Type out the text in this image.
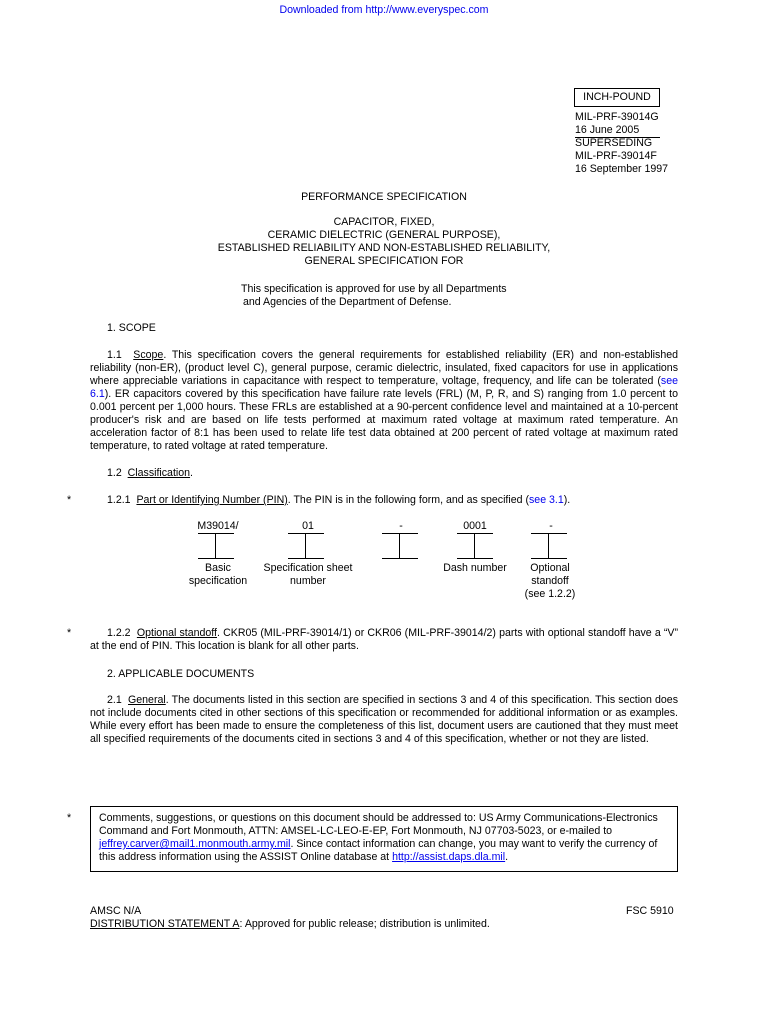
Downloaded from http://www.everyspec.com
INCH-POUND
MIL-PRF-39014G
16 June 2005
SUPERSEDING
MIL-PRF-39014F
16 September 1997
PERFORMANCE SPECIFICATION
CAPACITOR, FIXED,
CERAMIC DIELECTRIC (GENERAL PURPOSE),
ESTABLISHED RELIABILITY AND NON-ESTABLISHED RELIABILITY,
GENERAL SPECIFICATION FOR
This specification is approved for use by all Departments
and Agencies of the Department of Defense.
1. SCOPE
1.1 Scope. This specification covers the general requirements for established reliability (ER) and non-established reliability (non-ER), (product level C), general purpose, ceramic dielectric, insulated, fixed capacitors for use in applications where appreciable variations in capacitance with respect to temperature, voltage, frequency, and life can be tolerated (see 6.1). ER capacitors covered by this specification have failure rate levels (FRL) (M, P, R, and S) ranging from 1.0 percent to 0.001 percent per 1,000 hours. These FRLs are established at a 90-percent confidence level and maintained at a 10-percent producer's risk and are based on life tests performed at maximum rated voltage at maximum rated temperature. An acceleration factor of 8:1 has been used to relate life test data obtained at 200 percent of rated voltage at maximum rated temperature, to rated voltage at rated temperature.
1.2 Classification.
*	1.2.1 Part or Identifying Number (PIN). The PIN is in the following form, and as specified (see 3.1).
M39014/
Basic
specification
01
Specification sheet
number
-	0001
Dash number
-
Optional
standoff
(see 1.2.2)
*	1.2.2 Optional standoff. CKR05 (MIL-PRF-39014/1) or CKR06 (MIL-PRF-39014/2) parts with optional standoff have a “V” at the end of PIN. This location is blank for all other parts.
2. APPLICABLE DOCUMENTS
2.1 General. The documents listed in this section are specified in sections 3 and 4 of this specification. This section does not include documents cited in other sections of this specification or recommended for additional information or as examples. While every effort has been made to ensure the completeness of this list, document users are cautioned that they must meet all specified requirements of the documents cited in sections 3 and 4 of this specification, whether or not they are listed.
*	Comments, suggestions, or questions on this document should be addressed to: US Army Communications-Electronics Command and Fort Monmouth, ATTN: AMSEL-LC-LEO-E-EP, Fort Monmouth, NJ 07703-5023, or e-mailed to jeffrey.carver@mail1.monmouth.army.mil. Since contact information can change, you may want to verify the currency of this address information using the ASSIST Online database at http://assist.daps.dla.mil.
AMSC N/A	FSC 5910
DISTRIBUTION STATEMENT A: Approved for public release; distribution is unlimited.
